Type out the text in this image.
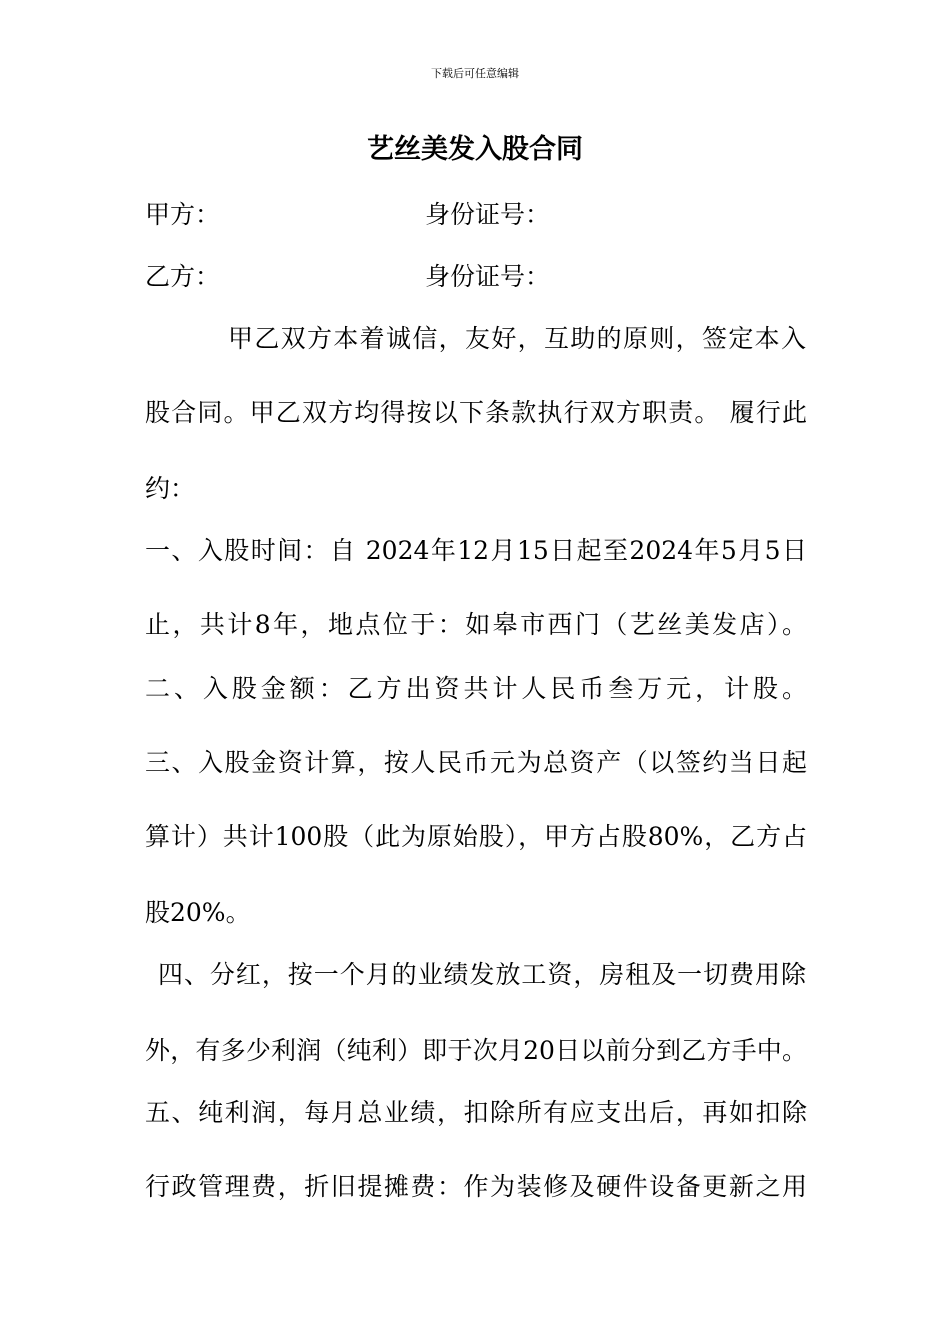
下载后可任意编辑
艺丝美发入股合同
甲方：	身份证号：
乙方：	身份证号：

甲乙双方本着诚信，友好，互助的原则，签定本入

股合同。甲乙双方均得按以下条款执行双方职责。 履行此

约：

一、入股时间：自 2024年12月15日起至2024年5月5日

止，共计8年，地点位于：如皋市西门（艺丝美发店）。

二、入股金额：乙方出资共计人民币叁万元，计股。

三、入股金资计算，按人民币元为总资产（以签约当日起

算计）共计100股（此为原始股），甲方占股80%，乙方占

股20%。

四、分红，按一个月的业绩发放工资，房租及一切费用除

外，有多少利润（纯利）即于次月20日以前分到乙方手中。

五、纯利润，每月总业绩，扣除所有应支出后，再如扣除

行政管理费，折旧提摊费：作为装修及硬件设备更新之用
